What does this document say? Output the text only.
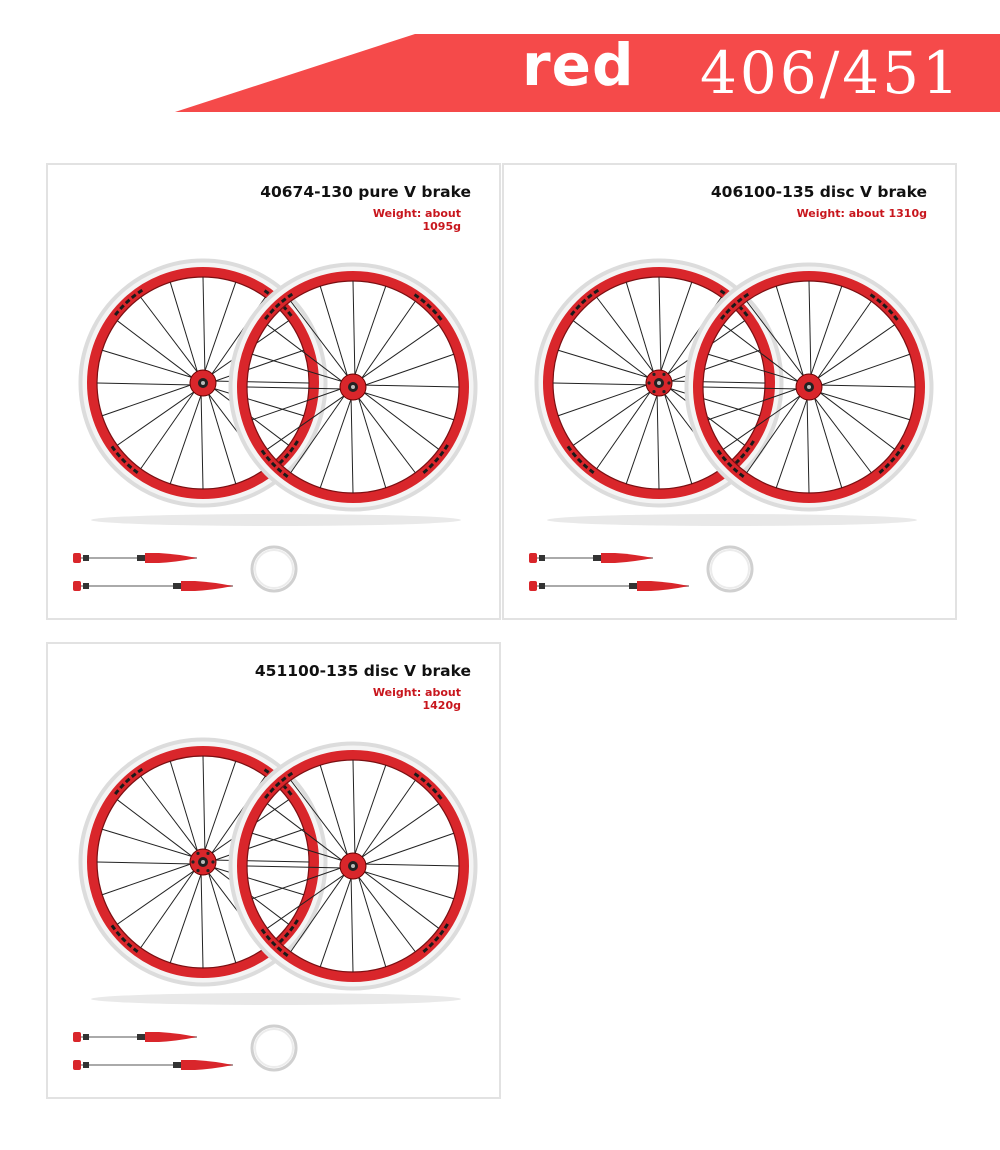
red 406/451
40674-130 pure V brake
Weight: about 1095g
406100-135 disc V brake
Weight: about 1310g
451100-135 disc V brake
Weight: about 1420g
